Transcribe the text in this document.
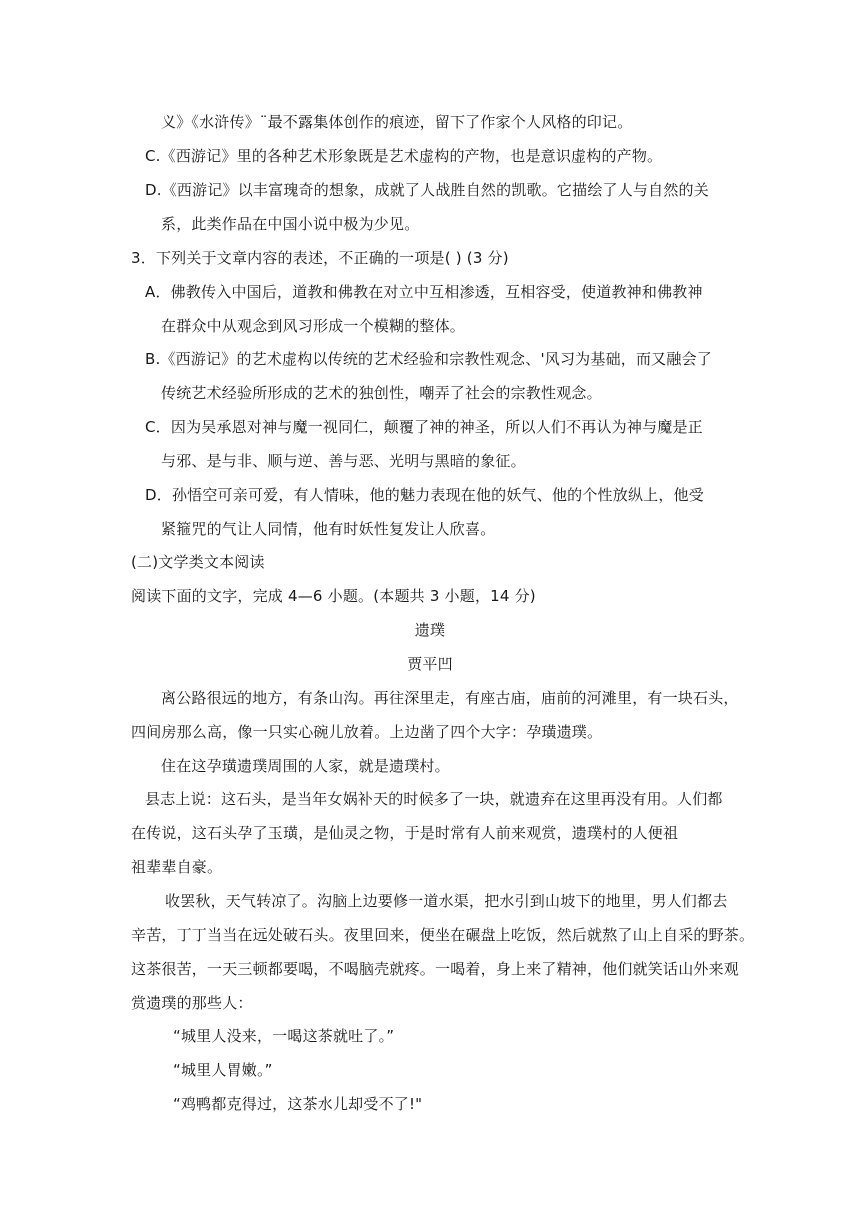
义》《水浒传》¨最不露集体创作的痕迹，留下了作家个人风格的印记。
C.《西游记》里的各种艺术形象既是艺术虚构的产物，也是意识虚构的产物。
D.《西游记》以丰富瑰奇的想象，成就了人战胜自然的凯歌。它描绘了人与自然的关
系，此类作品在中国小说中极为少见。
3．下列关于文章内容的表述，不正确的一项是( ) (3 分)
A．佛教传入中国后，道教和佛教在对立中互相渗透，互相容受，使道教神和佛教神
在群众中从观念到风习形成一个模糊的整体。
B.《西游记》的艺术虚构以传统的艺术经验和宗教性观念、'风习为基础，而又融会了
传统艺术经验所形成的艺术的独创性，嘲弄了社会的宗教性观念。
C．因为吴承恩对神与魔一视同仁，颠覆了神的神圣，所以人们不再认为神与魔是正
与邪、是与非、顺与逆、善与恶、光明与黑暗的象征。
D．孙悟空可亲可爱，有人情味，他的魅力表现在他的妖气、他的个性放纵上，他受
紧箍咒的气让人同情，他有时妖性复发让人欣喜。
(二)文学类文本阅读
阅读下面的文字，完成 4—6 小题。(本题共 3 小题，14 分)
遗璞
贾平凹
离公路很远的地方，有条山沟。再往深里走，有座古庙，庙前的河滩里，有一块石头，
四间房那么高，像一只实心碗儿放着。上边凿了四个大字：孕璜遗璞。
住在这孕璜遗璞周围的人家，就是遗璞村。
县志上说：这石头，是当年女娲补天的时候多了一块，就遗弃在这里再没有用。人们都
在传说，这石头孕了玉璜，是仙灵之物，于是时常有人前来观赏，遗璞村的人便祖
祖辈辈自豪。
收罢秋，天气转凉了。沟脑上边要修一道水渠，把水引到山坡下的地里，男人们都去
辛苦，丁丁当当在远处破石头。夜里回来，便坐在碾盘上吃饭，然后就熬了山上自采的野茶。
这茶很苦，一天三顿都要喝，不喝脑壳就疼。一喝着，身上来了精神，他们就笑话山外来观
赏遗璞的那些人：
“城里人没来，一喝这茶就吐了。”
“城里人胃嫩。”
“鸡鸭都克得过，这茶水儿却受不了!"
